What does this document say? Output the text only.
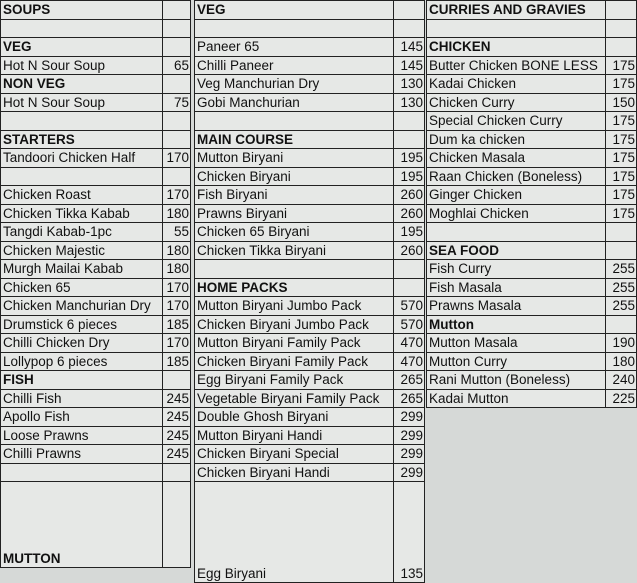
SOUPS	

VEG	
Hot N Sour Soup	65
NON VEG	
Hot N Sour Soup	75

STARTERS	
Tandoori Chicken Half	170

Chicken Roast	170
Chicken Tikka Kabab	180
Tangdi Kabab-1pc	55
Chicken Majestic	180
Murgh Mailai Kabab	180
Chicken 65	170
Chicken Manchurian Dry	170
Drumstick 6 pieces	185
Chilli Chicken Dry	170
Lollypop 6 pieces	185
FISH	
Chilli Fish	245
Apollo Fish	245
Loose Prawns	245
Chilli Prawns	245

MUTTON	
VEG	

Paneer 65	145
Chilli Paneer	145
Veg Manchurian Dry	130
Gobi Manchurian	130

MAIN COURSE	
Mutton Biryani	195
Chicken Biryani	195
Fish Biryani	260
Prawns Biryani	260
Chicken 65 Biryani	195
Chicken Tikka Biryani	260

HOME PACKS	
Mutton Biryani Jumbo Pack	570
Chicken Biryani Jumbo Pack	570
Mutton Biryani Family Pack	470
Chicken Biryani Family Pack	470
Egg Biryani Family Pack	265
Vegetable Biryani Family Pack	265
Double Ghosh Biryani	299
Mutton Biryani Handi	299
Chicken Biryani Special	299
Chicken Biryani Handi	299
Egg Biryani	135
CURRIES AND GRAVIES	

CHICKEN	
Butter Chicken BONE LESS	175
Kadai Chicken	175
Chicken Curry	150
Special Chicken Curry	175
Dum ka chicken	175
Chicken Masala	175
Raan Chicken (Boneless)	175
Ginger Chicken	175
Moghlai Chicken	175

SEA FOOD	
Fish Curry	255
Fish Masala	255
Prawns Masala	255
Mutton	
Mutton Masala	190
Mutton Curry	180
Rani Mutton (Boneless)	240
Kadai Mutton	225
